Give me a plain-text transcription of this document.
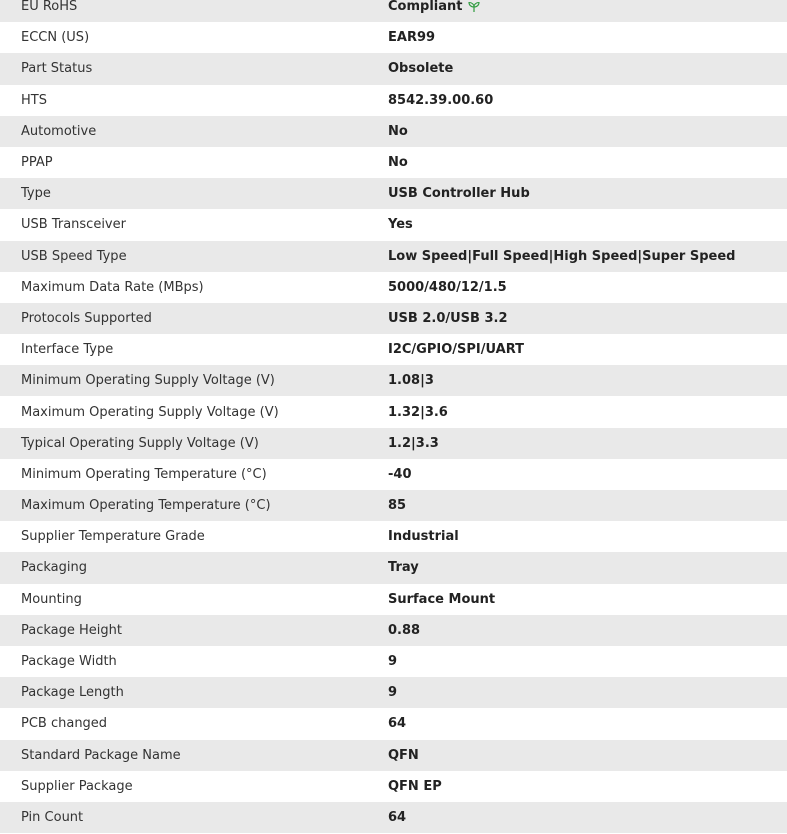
EU RoHS	Compliant
ECCN (US)	EAR99
Part Status	Obsolete
HTS	8542.39.00.60
Automotive	No
PPAP	No
Type	USB Controller Hub
USB Transceiver	Yes
USB Speed Type	Low Speed|Full Speed|High Speed|Super Speed
Maximum Data Rate (MBps)	5000/480/12/1.5
Protocols Supported	USB 2.0/USB 3.2
Interface Type	I2C/GPIO/SPI/UART
Minimum Operating Supply Voltage (V)	1.08|3
Maximum Operating Supply Voltage (V)	1.32|3.6
Typical Operating Supply Voltage (V)	1.2|3.3
Minimum Operating Temperature (°C)	-40
Maximum Operating Temperature (°C)	85
Supplier Temperature Grade	Industrial
Packaging	Tray
Mounting	Surface Mount
Package Height	0.88
Package Width	9
Package Length	9
PCB changed	64
Standard Package Name	QFN
Supplier Package	QFN EP
Pin Count	64
